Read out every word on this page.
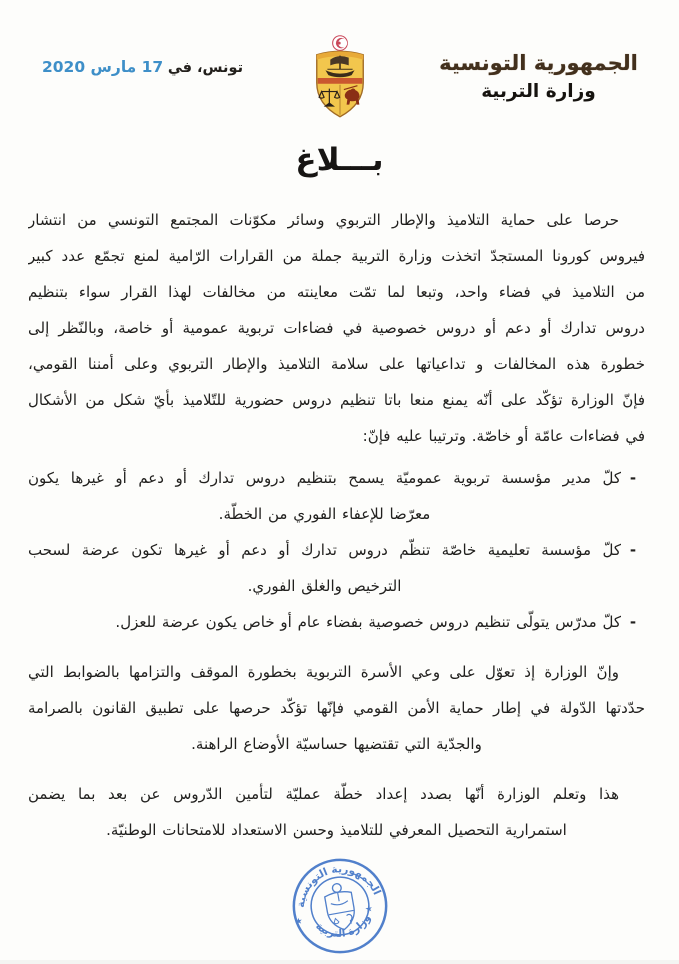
الجمهورية التونسية
وزارة التربية
تونس، في 17 مارس 2020
بـــلاغ
حرصا على حماية التلاميذ والإطار التربوي وسائر مكوّنات المجتمع التونسي من انتشار
فيروس كورونا المستجدّ اتخذت وزارة التربية جملة من القرارات الرّامية لمنع تجمّع عدد كبير
من التلاميذ في فضاء واحد، وتبعا لما تمّت معاينته من مخالفات لهذا القرار سواء بتنظيم
دروس تدارك أو دعم أو دروس خصوصية في فضاءات تربوية عمومية أو خاصة، وبالنّظر إلى
خطورة هذه المخالفات و تداعياتها على سلامة التلاميذ والإطار التربوي وعلى أمننا القومي،
فإنّ الوزارة تؤكّد على أنّه يمنع منعا باتا تنظيم دروس حضورية للتّلاميذ بأيّ شكل من الأشكال
في فضاءات عامّة أو خاصّة. وترتيبا عليه فإنّ:
-
كلّ مدير مؤسسة تربوية عموميّة يسمح بتنظيم دروس تدارك أو دعم أو غيرها يكون
معرّضا للإعفاء الفوري من الخطّة.
-
كلّ مؤسسة تعليمية خاصّة تنظّم دروس تدارك أو دعم أو غيرها تكون عرضة لسحب
الترخيص والغلق الفوري.
-
كلّ مدرّس يتولّى تنظيم دروس خصوصية بفضاء عام أو خاص يكون عرضة للعزل.
وإنّ الوزارة إذ تعوّل على وعي الأسرة التربوية بخطورة الموقف والتزامها بالضوابط التي
حدّدتها الدّولة في إطار حماية الأمن القومي فإنّها تؤكّد حرصها على تطبيق القانون بالصرامة
والجدّية التي تقتضيها حساسيّة الأوضاع الراهنة.
هذا وتعلم الوزارة أنّها بصدد إعداد خطّة عمليّة لتأمين الدّروس عن بعد بما يضمن
استمرارية التحصيل المعرفي للتلاميذ وحسن الاستعداد للامتحانات الوطنيّة.
الجمهورية التونسية
وزارة التربية
★
★
